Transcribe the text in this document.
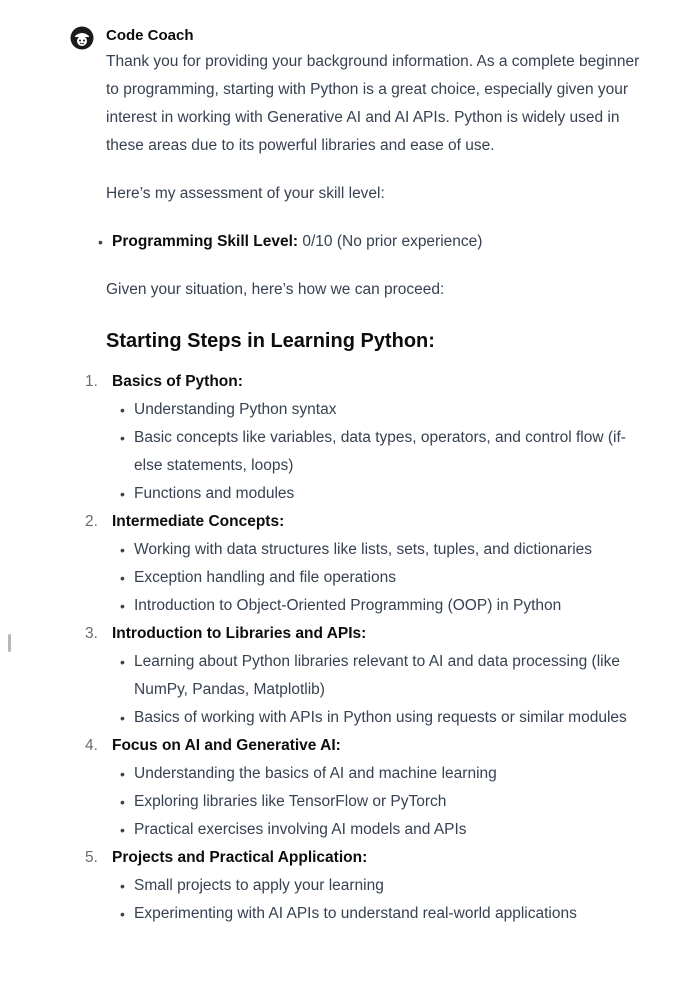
Code Coach

Thank you for providing your background information. As a complete beginner to programming, starting with Python is a great choice, especially given your interest in working with Generative AI and AI APIs. Python is widely used in these areas due to its powerful libraries and ease of use.

Here’s my assessment of your skill level:

• Programming Skill Level: 0/10 (No prior experience)

Given your situation, here’s how we can proceed:

Starting Steps in Learning Python:
1. Basics of Python:
• Understanding Python syntax
• Basic concepts like variables, data types, operators, and control flow (if-else statements, loops)
• Functions and modules
2. Intermediate Concepts:
• Working with data structures like lists, sets, tuples, and dictionaries
• Exception handling and file operations
• Introduction to Object-Oriented Programming (OOP) in Python
3. Introduction to Libraries and APIs:
• Learning about Python libraries relevant to AI and data processing (like NumPy, Pandas, Matplotlib)
• Basics of working with APIs in Python using requests or similar modules
4. Focus on AI and Generative AI:
• Understanding the basics of AI and machine learning
• Exploring libraries like TensorFlow or PyTorch
• Practical exercises involving AI models and APIs
5. Projects and Practical Application:
• Small projects to apply your learning
• Experimenting with AI APIs to understand real-world applications
